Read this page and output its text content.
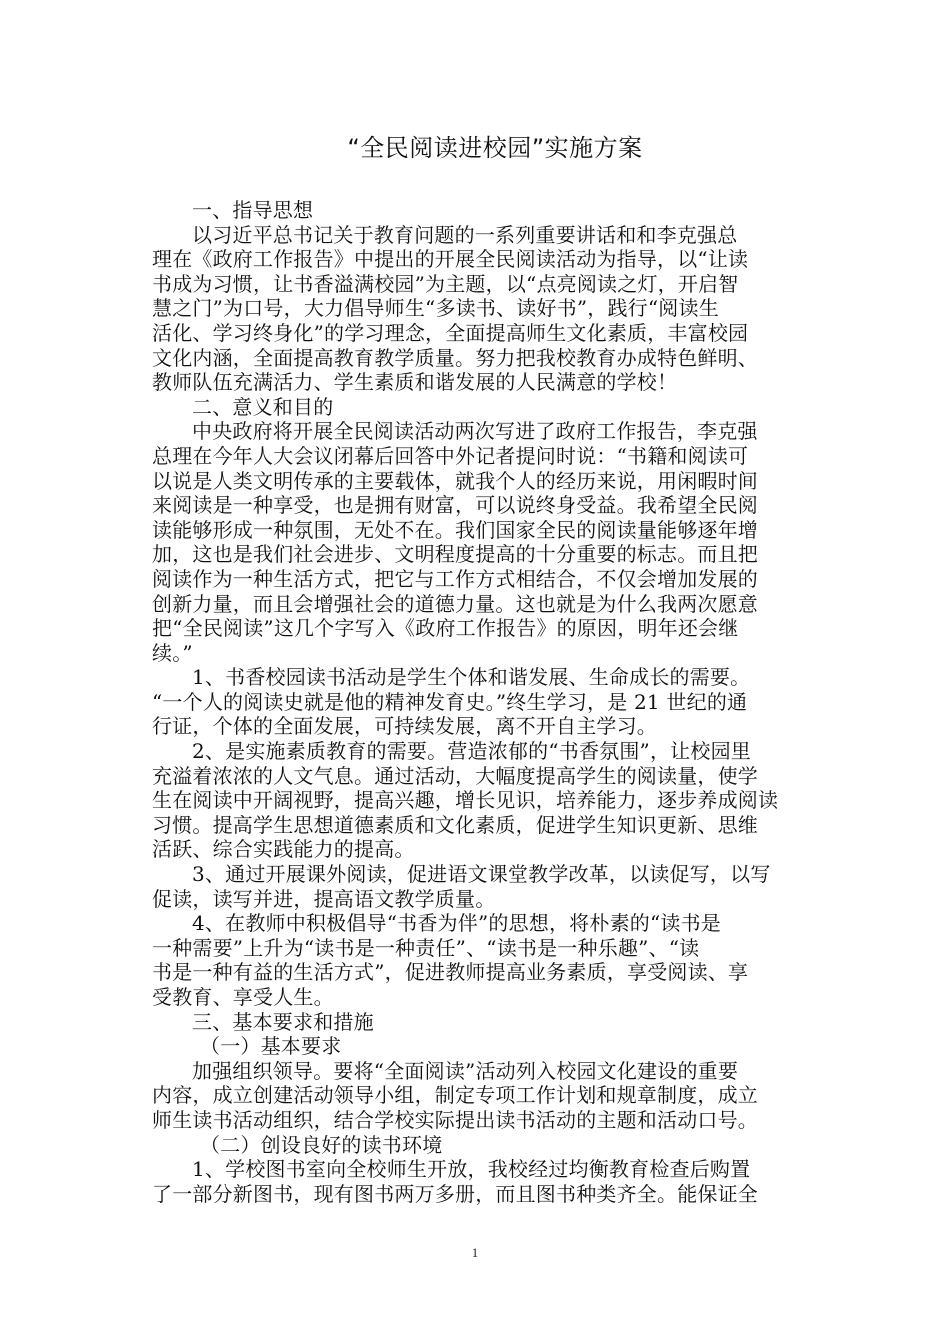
“全民阅读进校园”实施方案
一、指导思想
以习近平总书记关于教育问题的一系列重要讲话和和李克强总
理在《政府工作报告》中提出的开展全民阅读活动为指导，以“让读
书成为习惯，让书香溢满校园”为主题，以“点亮阅读之灯，开启智
慧之门”为口号，大力倡导师生“多读书、读好书”，践行“阅读生
活化、学习终身化”的学习理念，全面提高师生文化素质，丰富校园
文化内涵，全面提高教育教学质量。努力把我校教育办成特色鲜明、
教师队伍充满活力、学生素质和谐发展的人民满意的学校！
二、意义和目的
中央政府将开展全民阅读活动两次写进了政府工作报告，李克强
总理在今年人大会议闭幕后回答中外记者提问时说：“书籍和阅读可
以说是人类文明传承的主要载体，就我个人的经历来说，用闲暇时间
来阅读是一种享受，也是拥有财富，可以说终身受益。我希望全民阅
读能够形成一种氛围，无处不在。我们国家全民的阅读量能够逐年增
加，这也是我们社会进步、文明程度提高的十分重要的标志。而且把
阅读作为一种生活方式，把它与工作方式相结合，不仅会增加发展的
创新力量，而且会增强社会的道德力量。这也就是为什么我两次愿意
把“全民阅读”这几个字写入《政府工作报告》的原因，明年还会继
续。”
1、书香校园读书活动是学生个体和谐发展、生命成长的需要。
“一个人的阅读史就是他的精神发育史。”终生学习，是 21 世纪的通
行证，个体的全面发展，可持续发展，离不开自主学习。
2、是实施素质教育的需要。营造浓郁的“书香氛围”，让校园里
充溢着浓浓的人文气息。通过活动，大幅度提高学生的阅读量，使学
生在阅读中开阔视野，提高兴趣，增长见识，培养能力，逐步养成阅读
习惯。提高学生思想道德素质和文化素质，促进学生知识更新、思维
活跃、综合实践能力的提高。
3、通过开展课外阅读，促进语文课堂教学改革，以读促写，以写
促读，读写并进，提高语文教学质量。
4、在教师中积极倡导“书香为伴”的思想，将朴素的“读书是
一种需要”上升为“读书是一种责任”、“读书是一种乐趣”、“读
书是一种有益的生活方式”，促进教师提高业务素质，享受阅读、享
受教育、享受人生。
三、基本要求和措施
（一）基本要求
加强组织领导。要将“全面阅读”活动列入校园文化建设的重要
内容，成立创建活动领导小组，制定专项工作计划和规章制度，成立
师生读书活动组织，结合学校实际提出读书活动的主题和活动口号。
（二）创设良好的读书环境
1、学校图书室向全校师生开放，我校经过均衡教育检查后购置
了一部分新图书，现有图书两万多册，而且图书种类齐全。能保证全
1
